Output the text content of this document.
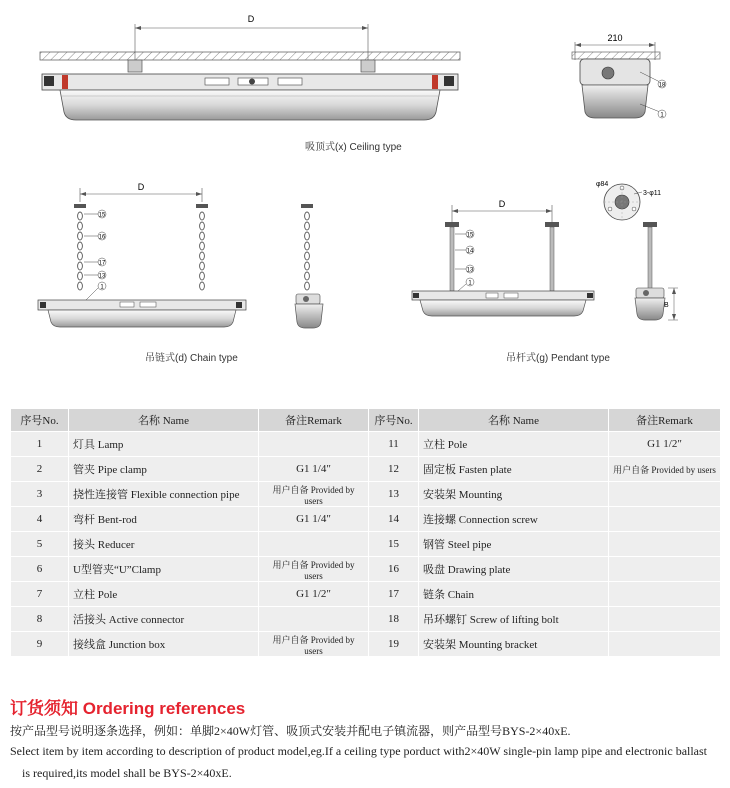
D
210
18
1
D
15
16
17
13
1
D
15
14
13
1
φ84
3-φ11
B
吸顶式(x) Ceiling type
吊链式(d) Chain type	吊杆式(g) Pendant type
序号No.	名称 Name	备注Remark	序号No.	名称 Name	备注Remark
1	灯具 Lamp		11	立柱 Pole	G1 1/2″
2	管夹 Pipe clamp	G1 1/4″	12	固定板 Fasten plate	用户自备 Provided by users
3	挠性连接管 Flexible connection pipe	用户自备 Provided by users	13	安装架 Mounting	
4	弯杆 Bent-rod	G1 1/4″	14	连接螺 Connection screw	
5	接头 Reducer		15	钢管 Steel pipe	
6	U型管夹“U”Clamp	用户自备 Provided by users	16	吸盘 Drawing plate	
7	立柱 Pole	G1 1/2″	17	链条 Chain	
8	活接头 Active connector		18	吊环螺钉 Screw of lifting bolt	
9	接线盒 Junction box	用户自备 Provided by users	19	安装架 Mounting bracket	
订货须知 Ordering references
按产品型号说明逐条选择，例如：单脚2×40W灯管、吸顶式安装并配电子镇流器，则产品型号BYS-2×40xE.
Select item by item according to description of product model,eg.If a ceiling type porduct with2×40W single-pin lamp pipe and electronic ballast
is required,its model shall be BYS-2×40xE.
